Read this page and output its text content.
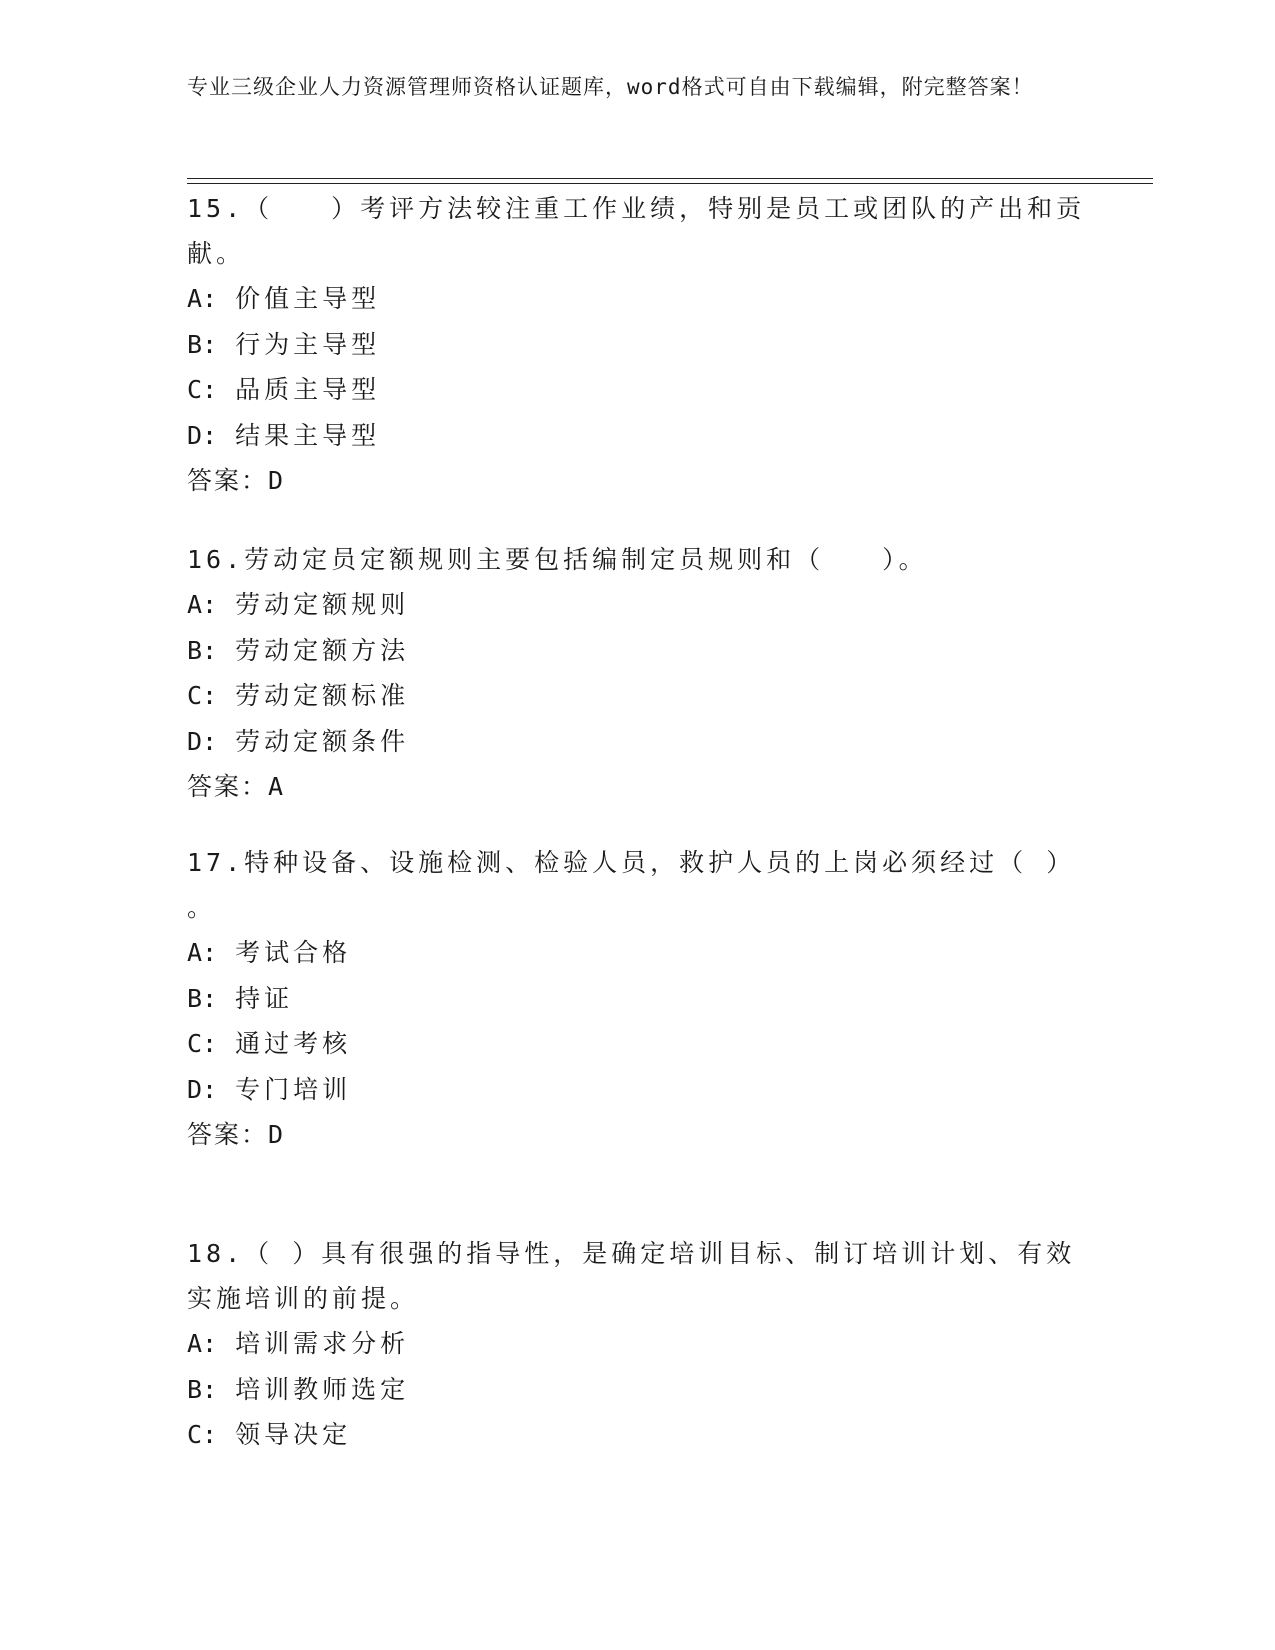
专业三级企业人力资源管理师资格认证题库，word格式可自由下载编辑，附完整答案！
15.（　　）考评方法较注重工作业绩，特别是员工或团队的产出和贡献。
A: 价值主导型
B: 行为主导型
C: 品质主导型
D: 结果主导型
答案：D
16.劳动定员定额规则主要包括编制定员规则和（　　）。
A: 劳动定额规则
B: 劳动定额方法
C: 劳动定额标准
D: 劳动定额条件
答案：A
17.特种设备、设施检测、检验人员，救护人员的上岗必须经过（ ）
。
A: 考试合格
B: 持证
C: 通过考核
D: 专门培训
答案：D
18.（ ）具有很强的指导性，是确定培训目标、制订培训计划、有效实施培训的前提。
A: 培训需求分析
B: 培训教师选定
C: 领导决定
